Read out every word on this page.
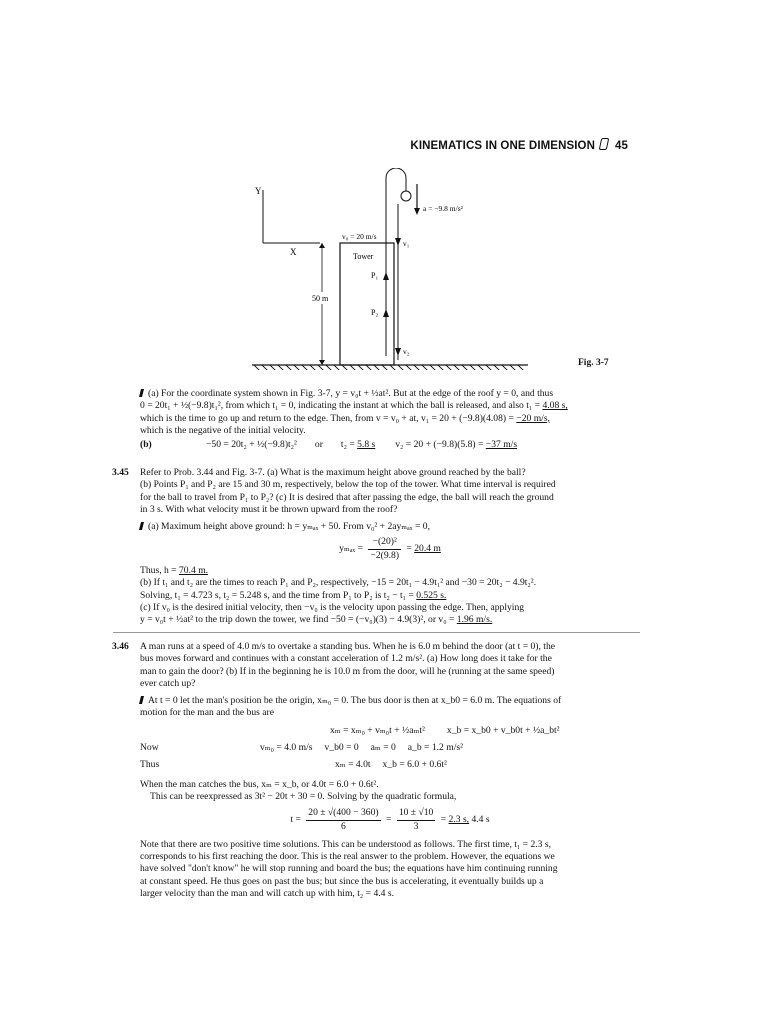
KINEMATICS IN ONE DIMENSION 45
Y
X	Tower
v₀ = 20 m/s
P₁
P₂
v₁
v₂
a = −9.8 m/s²
50 m
Fig. 3-7

(a) For the coordinate system shown in Fig. 3-7, y = v₀t + ½at². But at the edge of the roof y = 0, and thus

0 = 20t₁ + ½(−9.8)t₁², from which t₁ = 0, indicating the instant at which the ball is released, and also t₁ = 4.08 s,

which is the time to go up and return to the edge. Then, from v = v₀ + at, v₁ = 20 + (−9.8)(4.08) = −20 m/s,

which is the negative of the initial velocity.

(b)	−50 = 20t₂ + ½(−9.8)t₂² or t₂ = 5.8 s v₂ = 20 + (−9.8)(5.8) = −37 m/s
3.45 Refer to Prob. 3.44 and Fig. 3-7. (a) What is the maximum height above ground reached by the ball?

(b) Points P₁ and P₂ are 15 and 30 m, respectively, below the top of the tower. What time interval is required

for the ball to travel from P₁ to P₂? (c) It is desired that after passing the edge, the ball will reach the ground

in 3 s. With what velocity must it be thrown upward from the roof?

(a) Maximum height above ground: h = yₘₐₓ + 50. From v₀² + 2ayₘₐₓ = 0,

$y_{max} = \frac{\text{−(20)²}}{-2(9.8)} = 20.4$ m

Thus, h = 70.4 m.

(b) If t₁ and t₂ are the times to reach P₁ and P₂, respectively, −15 = 20t₁ − 4.9t₁² and −30 = 20t₂ − 4.9t₂².

Solving, t₁ = 4.723 s, t₂ = 5.248 s, and the time from P₁ to P₂ is t₂ − t₁ = 0.525 s.

(c) If v₀ is the desired initial velocity, then −v₀ is the velocity upon passing the edge. Then, applying

y = v₀t + ½at² to the trip down the tower, we find −50 = (−v₀)(3) − 4.9(3)², or v₀ = 1.96 m/s.

3.46 A man runs at a speed of 4.0 m/s to overtake a standing bus. When he is 6.0 m behind the door (at t = 0), the

bus moves forward and continues with a constant acceleration of 1.2 m/s². (a) How long does it take for the

man to gain the door? (b) If in the beginning he is 10.0 m from the door, will he (running at the same speed)

ever catch up?

At t = 0 let the man's position be the origin, xₘ₀ = 0. The bus door is then at x_b0 = 6.0 m. The equations of

motion for the man and the bus are

xₘ = xₘ₀ + vₘ₀t + ½aₘt² x_b = x_b0 + v_b0t + ½a_bt²
Now	vₘ₀ = 4.0 m/s     v_b0 = 0     aₘ = 0     a_b = 1.2 m/s²
Thus	xₘ = 4.0t     x_b = 6.0 + 0.6t²

When the man catches the bus, xₘ = x_b, or 4.0t = 6.0 + 0.6t².

This can be reexpressed as 3t² − 20t + 30 = 0. Solving by the quadratic formula,

$t = \frac{20 \pm √(400 - 360)}{6} = \frac{10 \pm √10}{3} = 2.3$ s, 4.4 s

Note that there are two positive time solutions. This can be understood as follows. The first time, t₁ = 2.3 s,

corresponds to his first reaching the door. This is the real answer to the problem. However, the equations we

have solved "don't know" he will stop running and board the bus; the equations have him continuing running

at constant speed. He thus goes on past the bus; but since the bus is accelerating, it eventually builds up a

larger velocity than the man and will catch up with him, t₂ = 4.4 s.
